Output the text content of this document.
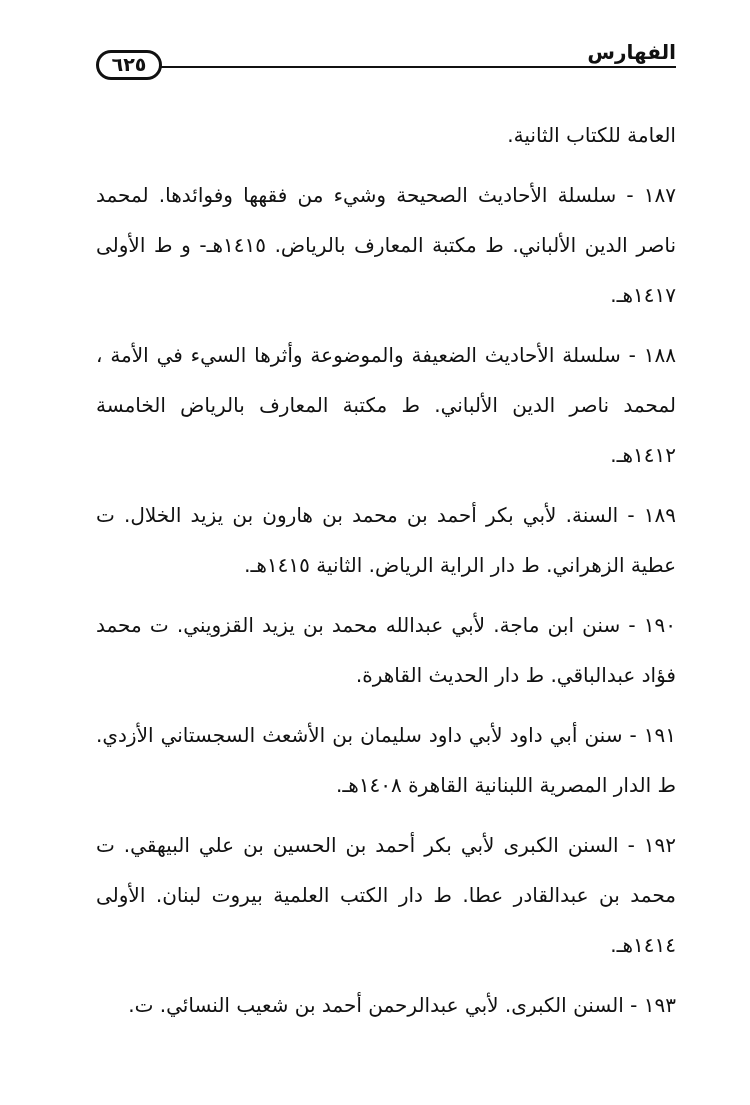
الفهارس
٦٢٥

العامة للكتاب الثانية.

١٨٧ - سلسلة الأحاديث الصحيحة وشيء من فقهها وفوائدها. لمحمد ناصر الدين الألباني. ط مكتبة المعارف بالرياض. ١٤١٥هـ- و ط الأولى ١٤١٧هـ.

١٨٨ - سلسلة الأحاديث الضعيفة والموضوعة وأثرها السيء في الأمة ، لمحمد ناصر الدين الألباني. ط مكتبة المعارف بالرياض الخامسة ١٤١٢هـ.

١٨٩ - السنة. لأبي بكر أحمد بن محمد بن هارون بن يزيد الخلال. ت عطية الزهراني. ط دار الراية الرياض. الثانية ١٤١٥هـ.

١٩٠ - سنن ابن ماجة. لأبي عبدالله محمد بن يزيد القزويني. ت محمد فؤاد عبدالباقي. ط دار الحديث القاهرة.

١٩١ - سنن أبي داود لأبي داود سليمان بن الأشعث السجستاني الأزدي. ط الدار المصرية اللبنانية القاهرة ١٤٠٨هـ.

١٩٢ - السنن الكبرى لأبي بكر أحمد بن الحسين بن علي البيهقي. ت محمد بن عبدالقادر عطا. ط دار الكتب العلمية بيروت لبنان. الأولى ١٤١٤هـ.

١٩٣ - السنن الكبرى. لأبي عبدالرحمن أحمد بن شعيب النسائي. ت.
